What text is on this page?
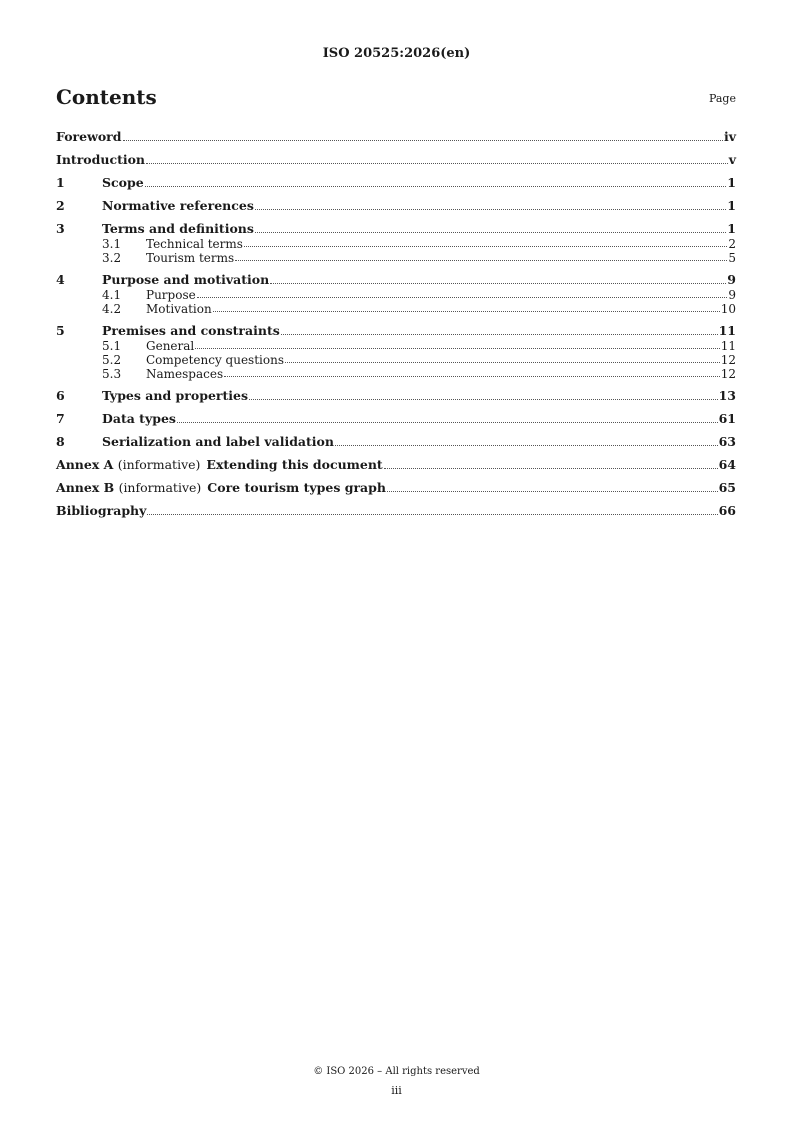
ISO 20525:2026(en)
Contents	Page
Foreword	iv
Introduction	v
1	Scope	1
2	Normative references	1
3	Terms and definitions	1
3.1	Technical terms	2
3.2	Tourism terms	5
4	Purpose and motivation	9
4.1	Purpose	9
4.2	Motivation	10
5	Premises and constraints	11
5.1	General	11
5.2	Competency questions	12
5.3	Namespaces	12
6	Types and properties	13
7	Data types	61
8	Serialization and label validation	63
Annex A (informative) Extending this document	64
Annex B (informative) Core tourism types graph	65
Bibliography	66
© ISO 2026 – All rights reserved
iii
